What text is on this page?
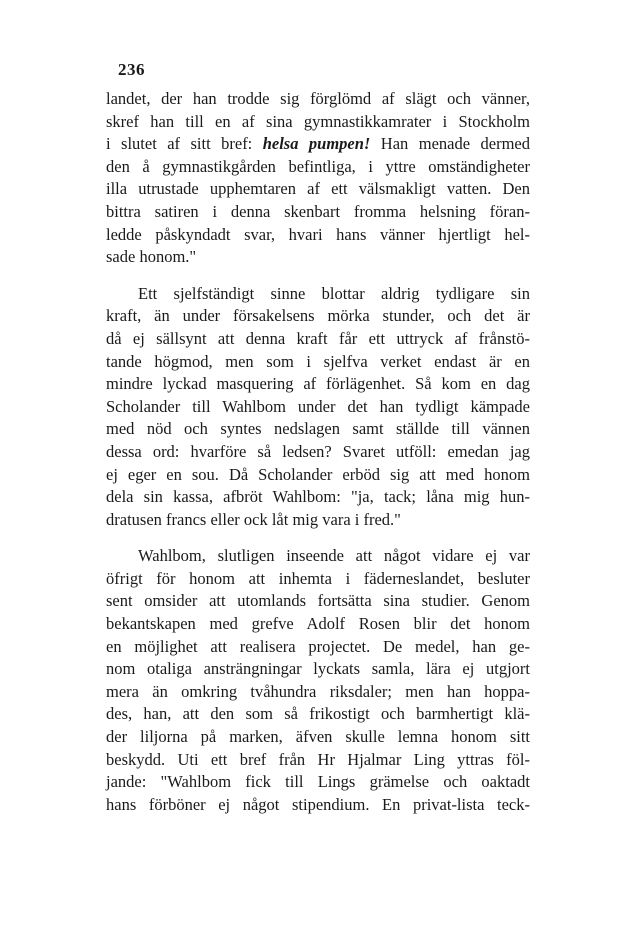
236
landet, der han trodde sig förglömd af slägt och vänner,
skref han till en af sina gymnastikkamrater i Stockholm
i slutet af sitt bref: helsa pumpen! Han menade dermed
den å gymnastikgården befintliga, i yttre omständigheter
illa utrustade upphemtaren af ett välsmakligt vatten. Den
bittra satiren i denna skenbart fromma helsning föran-
ledde påskyndadt svar, hvari hans vänner hjertligt hel-
sade honom."
Ett sjelfständigt sinne blottar aldrig tydligare sin
kraft, än under försakelsens mörka stunder, och det är
då ej sällsynt att denna kraft får ett uttryck af frånstö-
tande högmod, men som i sjelfva verket endast är en
mindre lyckad masquering af förlägenhet. Så kom en dag
Scholander till Wahlbom under det han tydligt kämpade
med nöd och syntes nedslagen samt ställde till vännen
dessa ord: hvarföre så ledsen? Svaret utföll: emedan jag
ej eger en sou. Då Scholander erböd sig att med honom
dela sin kassa, afbröt Wahlbom: "ja, tack; låna mig hun-
dratusen francs eller ock låt mig vara i fred."
Wahlbom, slutligen inseende att något vidare ej var
öfrigt för honom att inhemta i fäderneslandet, besluter
sent omsider att utomlands fortsätta sina studier. Genom
bekantskapen med grefve Adolf Rosen blir det honom
en möjlighet att realisera projectet. De medel, han ge-
nom otaliga ansträngningar lyckats samla, lära ej utgjort
mera än omkring tvåhundra riksdaler; men han hoppa-
des, han, att den som så frikostigt och barmhertigt klä-
der liljorna på marken, äfven skulle lemna honom sitt
beskydd. Uti ett bref från Hr Hjalmar Ling yttras föl-
jande: "Wahlbom fick till Lings grämelse och oaktadt
hans förböner ej något stipendium. En privat-lista teck-
